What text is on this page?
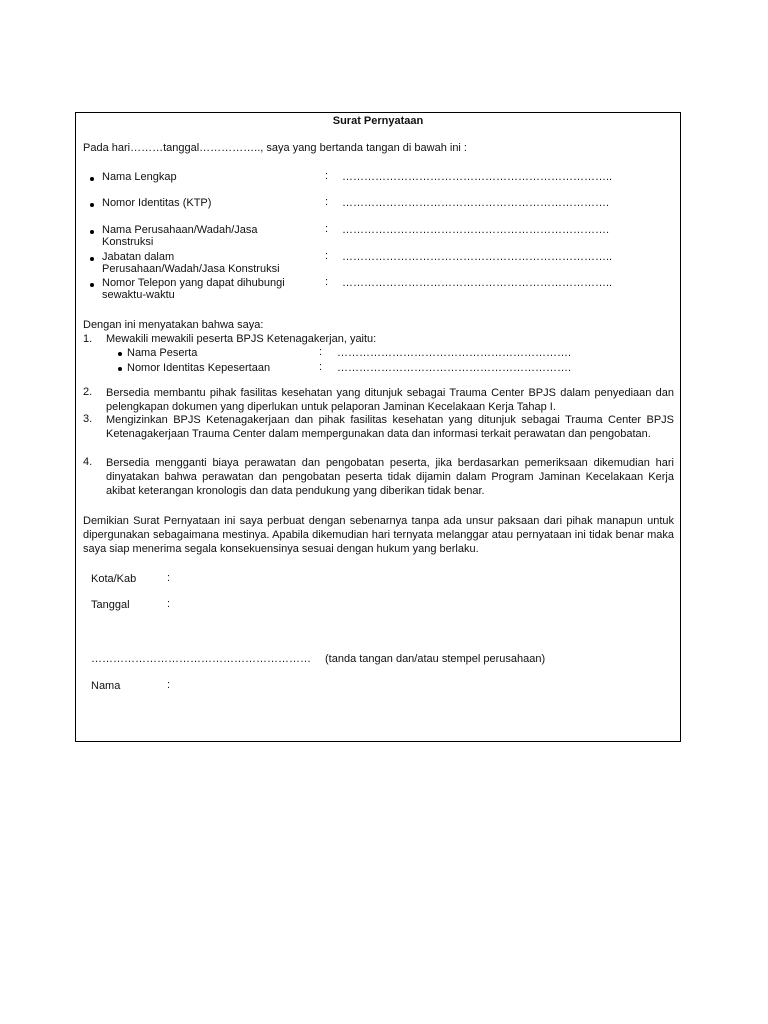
Surat Pernyataan
Pada hari………tanggal…………….., saya yang bertanda tangan di bawah ini :
Nama Lengkap	: ………………………………………………………………..
Nomor Identitas (KTP)	: ……………………………………………………………….
Nama Perusahaan/Wadah/Jasa
Konstruksi
: ……………………………………………………………….
Jabatan dalam
Perusahaan/Wadah/Jasa Konstruksi
: ………………………………………………………………..
Nomor Telepon yang dapat dihubungi
sewaktu-waktu
: ………………………………………………………………..
Dengan ini menyatakan bahwa saya:
1. Mewakili mewakili peserta BPJS Ketenagakerjan, yaitu:
Nama Peserta	: ……………………………………………………….
Nomor Identitas Kepesertaan	: ……………………………………………………….
2. Bersedia membantu pihak fasilitas kesehatan yang ditunjuk sebagai Trauma Center BPJS dalam penyediaan dan pelengkapan dokumen yang diperlukan untuk pelaporan Jaminan Kecelakaan Kerja Tahap I.
3. Mengizinkan BPJS Ketenagakerjaan dan pihak fasilitas kesehatan yang ditunjuk sebagai Trauma Center BPJS Ketenagakerjaan Trauma Center dalam mempergunakan data dan informasi terkait perawatan dan pengobatan.
4. Bersedia mengganti biaya perawatan dan pengobatan peserta, jika berdasarkan pemeriksaan dikemudian hari dinyatakan bahwa perawatan dan pengobatan peserta tidak dijamin dalam Program Jaminan Kecelakaan Kerja akibat keterangan kronologis dan data pendukung yang diberikan tidak benar.
Demikian Surat Pernyataan ini saya perbuat dengan sebenarnya tanpa ada unsur paksaan dari pihak manapun untuk dipergunakan sebagaimana mestinya. Apabila dikemudian hari ternyata melanggar atau pernyataan ini tidak benar maka saya siap menerima segala konsekuensinya sesuai dengan hukum yang berlaku.
Kota/Kab	:
Tanggal	:
…………………………………………………… (tanda tangan dan/atau stempel perusahaan)
Nama	:
